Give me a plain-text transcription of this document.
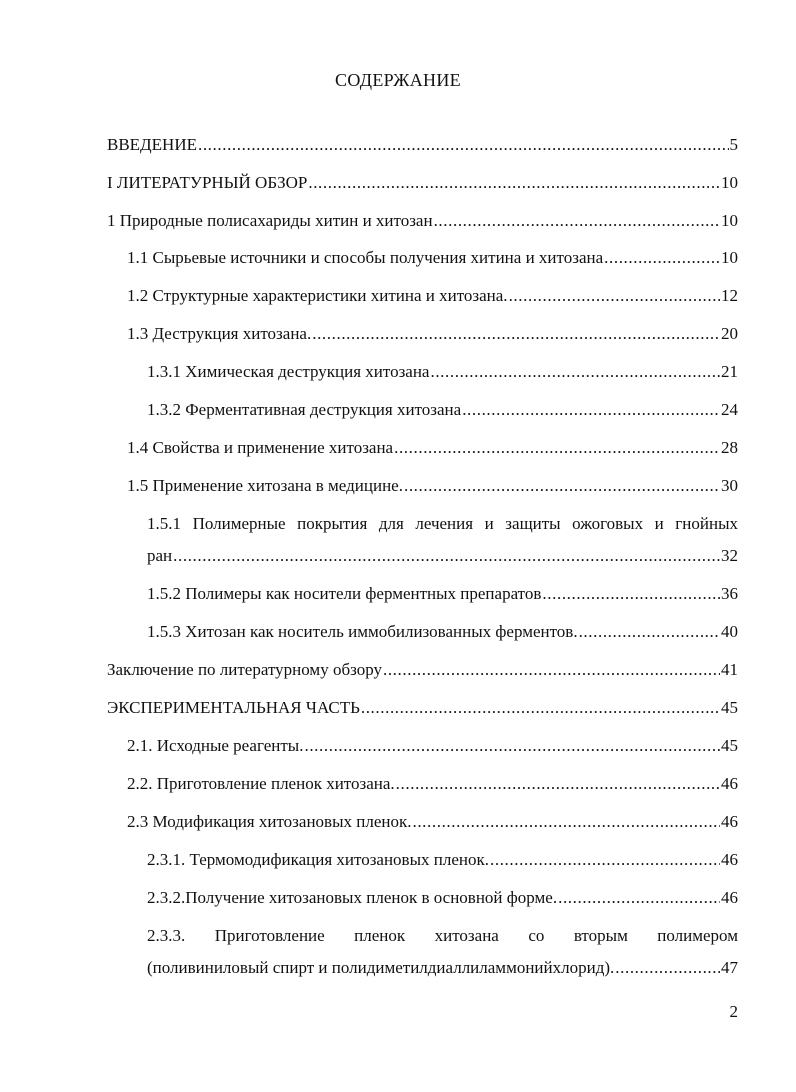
СОДЕРЖАНИЕ
ВВЕДЕНИЕ .....	5
I ЛИТЕРАТУРНЫЙ ОБЗОР .....	10
1 Природные полисахариды хитин и хитозан .....	10
1.1 Сырьевые источники и способы получения хитина и хитозана .....	10
1.2 Структурные характеристики хитина и хитозана. .....	12
1.3 Деструкция хитозана. .....	20
1.3.1 Химическая деструкция хитозана .....	21
1.3.2 Ферментативная деструкция хитозана .....	24
1.4 Свойства и применение хитозана .....	28
1.5 Применение хитозана в медицине. .....	30
1.5.1 Полимерные покрытия для лечения и защиты ожоговых и гнойных
ран .....	32
1.5.2 Полимеры как носители ферментных препаратов .....	36
1.5.3 Хитозан как носитель иммобилизованных ферментов. .....	40
Заключение по литературному обзору .....	41
ЭКСПЕРИМЕНТАЛЬНАЯ ЧАСТЬ .....	45
2.1. Исходные реагенты. .....	45
2.2. Приготовление пленок хитозана. .....	46
2.3 Модификация хитозановых пленок. .....	46
2.3.1. Термомодификация хитозановых пленок. .....	46
2.3.2.Получение хитозановых пленок в основной форме. .....	46
2.3.3. Приготовление пленок хитозана со вторым полимером
(поливиниловый спирт и полидиметилдиаллиламмонийхлорид). .....	47
2
